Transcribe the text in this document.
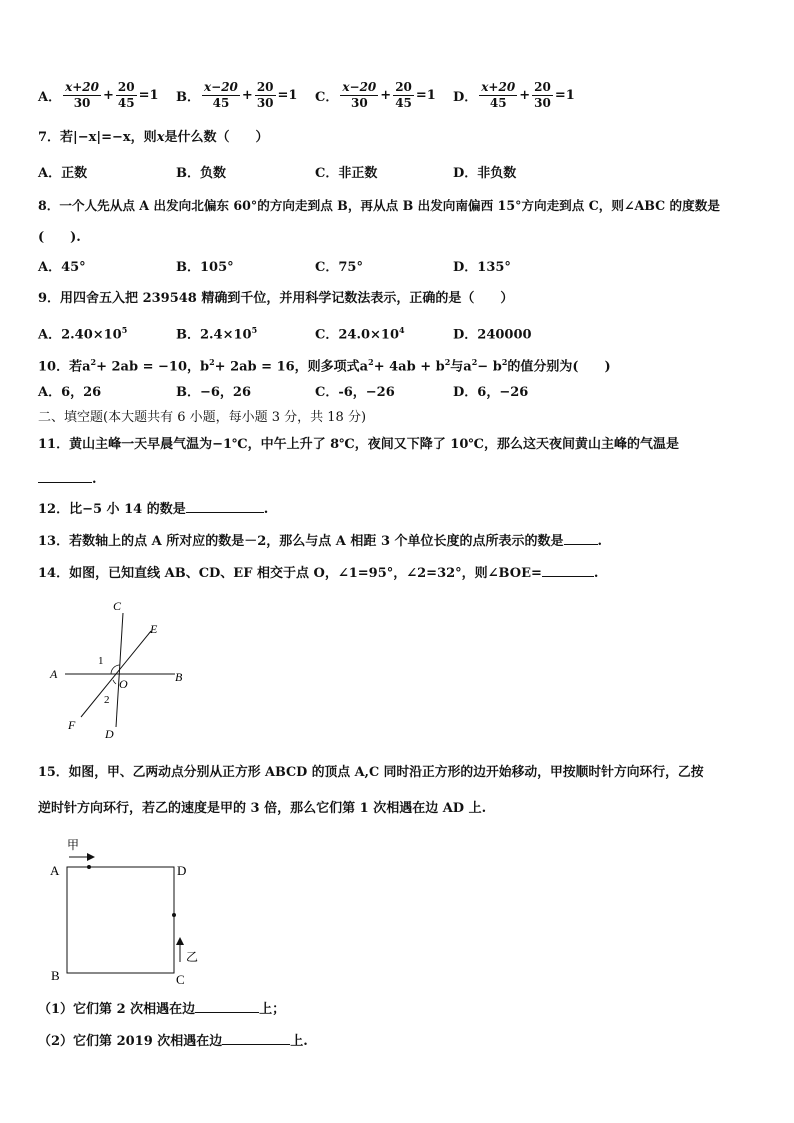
A． $\frac{x+20}{30} + \frac{20}{45} =1$ B． $\frac{x-20}{45} + \frac{20}{30} =1$ C． $\frac{x-20}{30} + \frac{20}{45} =1$ D． $\frac{x+20}{45} + \frac{20}{30} =1$
7．若|−x|=−x，则x是什么数（　　）
A．正数	B．负数	C．非正数	D．非负数
8．一个人先从点 A 出发向北偏东 60°的方向走到点 B，再从点 B 出发向南偏西 15°方向走到点 C，则∠ABC 的度数是
(　　).
A．45°	B．105°	C．75°	D．135°
9．用四舍五入把 239548 精确到千位，并用科学记数法表示，正确的是（　　）
A．$2.40\times 10^5$	B．$2.4\times 10^5$	C．$24.0\times 10^4$	D．240000
10．若$a^2+ 2ab = -10$，$b^2+ 2ab = 16$，则多项式$a^2+ 4ab + b^2$与$a^2- b^2$的值分别为(　　)
A．6，26	B．−6，26	C．-6，−26	D．6，−26
二、填空题(本大题共有 6 小题，每小题 3 分，共 18 分)
11．黄山主峰一天早晨气温为−1℃，中午上升了 8℃，夜间又下降了 10℃，那么这天夜间黄山主峰的气温是
.
12．比−5 小 14 的数是	.
13．若数轴上的点 A 所对应的数是－2，那么与点 A 相距 3 个单位长度的点所表示的数是	.
14．如图，已知直线 AB、CD、EF 相交于点 O，∠1=95°，∠2=32°，则∠BOE=	.
C
E
A	B
O
1
2
F
D
15．如图，甲、乙两动点分别从正方形 ABCD 的顶点 A,C 同时沿正方形的边开始移动，甲按顺时针方向环行，乙按
逆时针方向环行，若乙的速度是甲的 3 倍，那么它们第 1 次相遇在边 AD 上.
甲
乙
A	D
B	C
（1）它们第 2 次相遇在边	上；
（2）它们第 2019 次相遇在边	上.
